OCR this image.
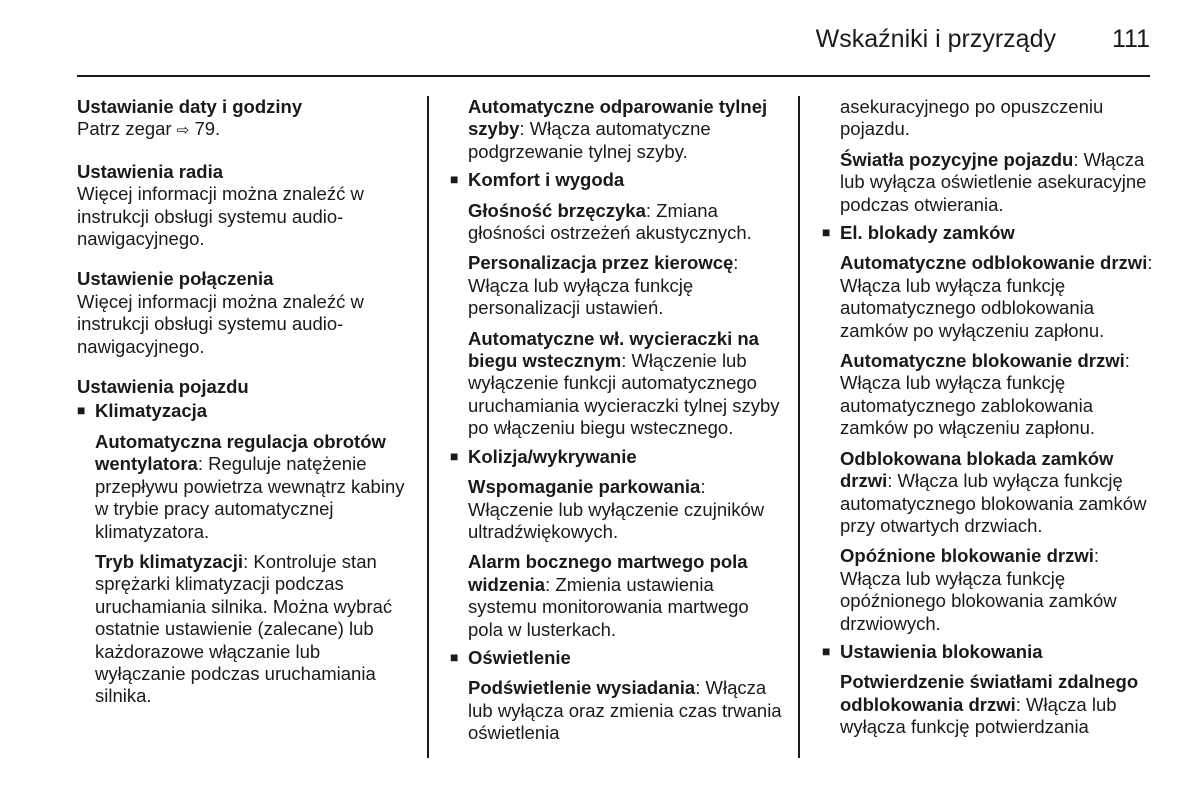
Wskaźniki i przyrządy 111

Ustawianie daty i godziny

Patrz zegar ⇨ 79.

Ustawienia radia

Więcej informacji można znaleźć w instrukcji obsługi systemu audio-nawigacyjnego.

Ustawienie połączenia

Więcej informacji można znaleźć w instrukcji obsługi systemu audio-nawigacyjnego.

Ustawienia pojazdu

■ Klimatyzacja

Automatyczna regulacja obrotów wentylatora: Reguluje natężenie przepływu powietrza wewnątrz kabiny w trybie pracy automatycznej klimatyzatora.

Tryb klimatyzacji: Kontroluje stan sprężarki klimatyzacji podczas uruchamiania silnika. Można wybrać ostatnie ustawienie (zalecane) lub każdorazowe włączanie lub wyłączanie podczas uruchamiania silnika.

Automatyczne odparowanie tylnej szyby: Włącza automatyczne podgrzewanie tylnej szyby.

■ Komfort i wygoda

Głośność brzęczyka: Zmiana głośności ostrzeżeń akustycznych.

Personalizacja przez kierowcę: Włącza lub wyłącza funkcję personalizacji ustawień.

Automatyczne wł. wycieraczki na biegu wstecznym: Włączenie lub wyłączenie funkcji automatycznego uruchamiania wycieraczki tylnej szyby po włączeniu biegu wstecznego.

■ Kolizja/wykrywanie

Wspomaganie parkowania: Włączenie lub wyłączenie czujników ultradźwiękowych.

Alarm bocznego martwego pola widzenia: Zmienia ustawienia systemu monitorowania martwego pola w lusterkach.

■ Oświetlenie

Podświetlenie wysiadania: Włącza lub wyłącza oraz zmienia czas trwania oświetlenia

asekuracyjnego po opuszczeniu pojazdu.

Światła pozycyjne pojazdu: Włącza lub wyłącza oświetlenie asekuracyjne podczas otwierania.

■ El. blokady zamków

Automatyczne odblokowanie drzwi: Włącza lub wyłącza funkcję automatycznego odblokowania zamków po wyłączeniu zapłonu.

Automatyczne blokowanie drzwi: Włącza lub wyłącza funkcję automatycznego zablokowania zamków po włączeniu zapłonu.

Odblokowana blokada zamków drzwi: Włącza lub wyłącza funkcję automatycznego blokowania zamków przy otwartych drzwiach.

Opóźnione blokowanie drzwi: Włącza lub wyłącza funkcję opóźnionego blokowania zamków drzwiowych.

■ Ustawienia blokowania

Potwierdzenie światłami zdalnego odblokowania drzwi: Włącza lub wyłącza funkcję potwierdzania
